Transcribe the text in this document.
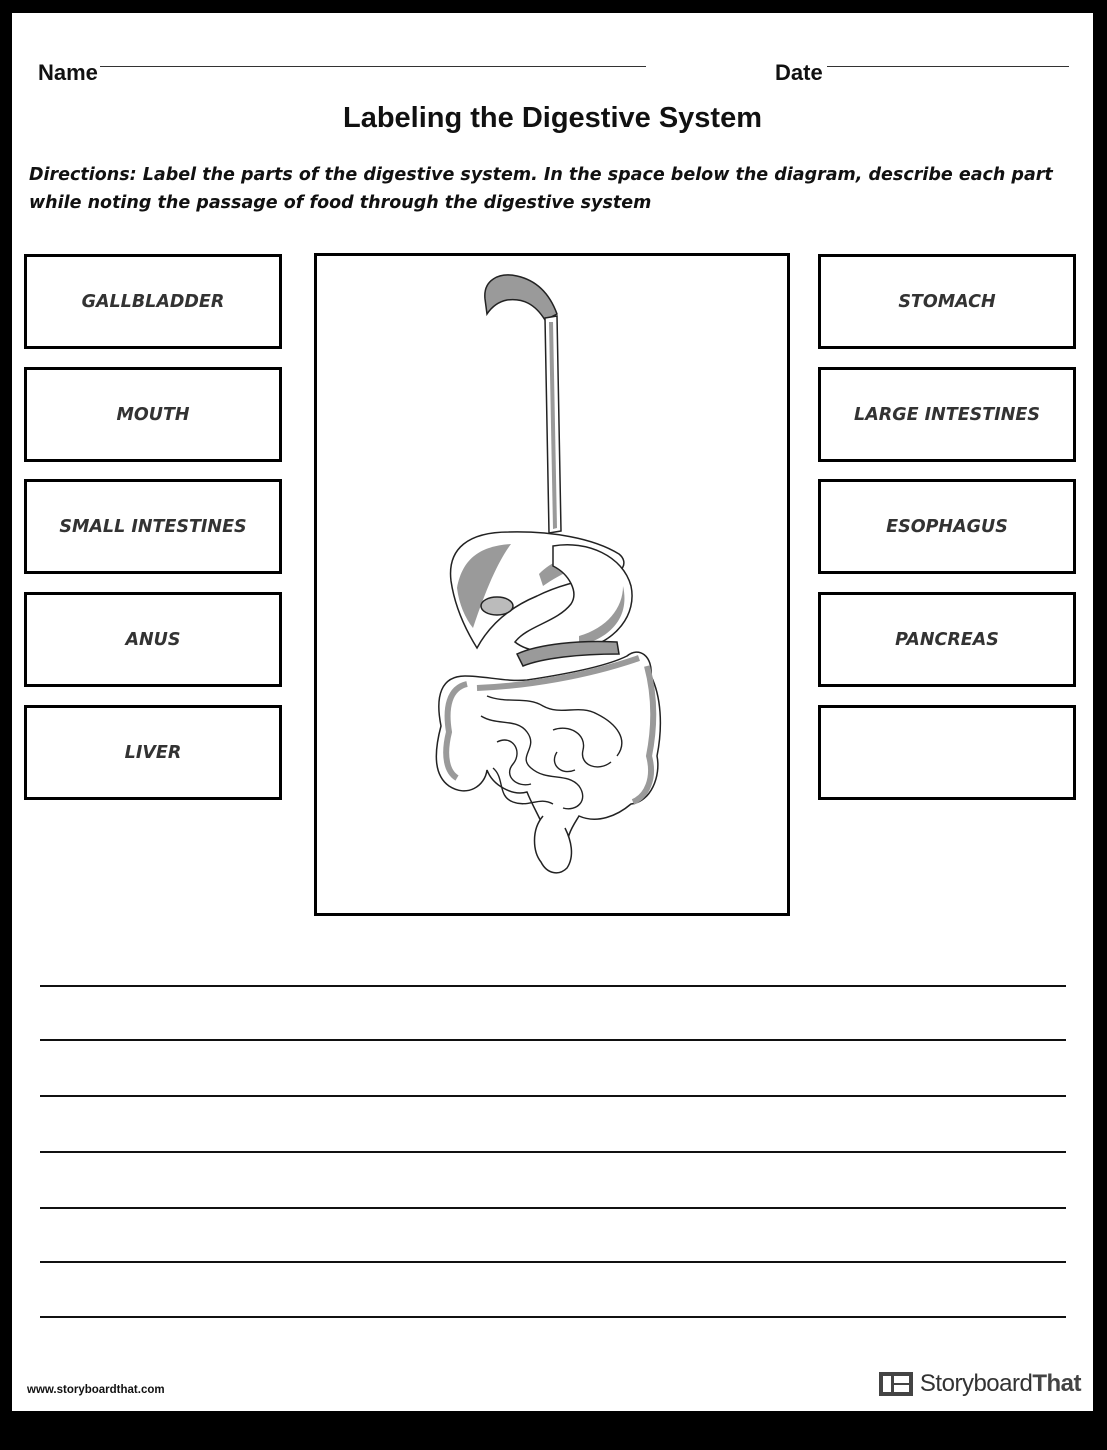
Name	Date
Labeling the Digestive System
Directions: Label the parts of the digestive system. In the space below the diagram, describe each part while noting the passage of food through the digestive system
GALLBLADDER
MOUTH
SMALL INTESTINES
ANUS
LIVER
STOMACH
LARGE INTESTINES
ESOPHAGUS
PANCREAS
www.storyboardthat.com	StoryboardThat
